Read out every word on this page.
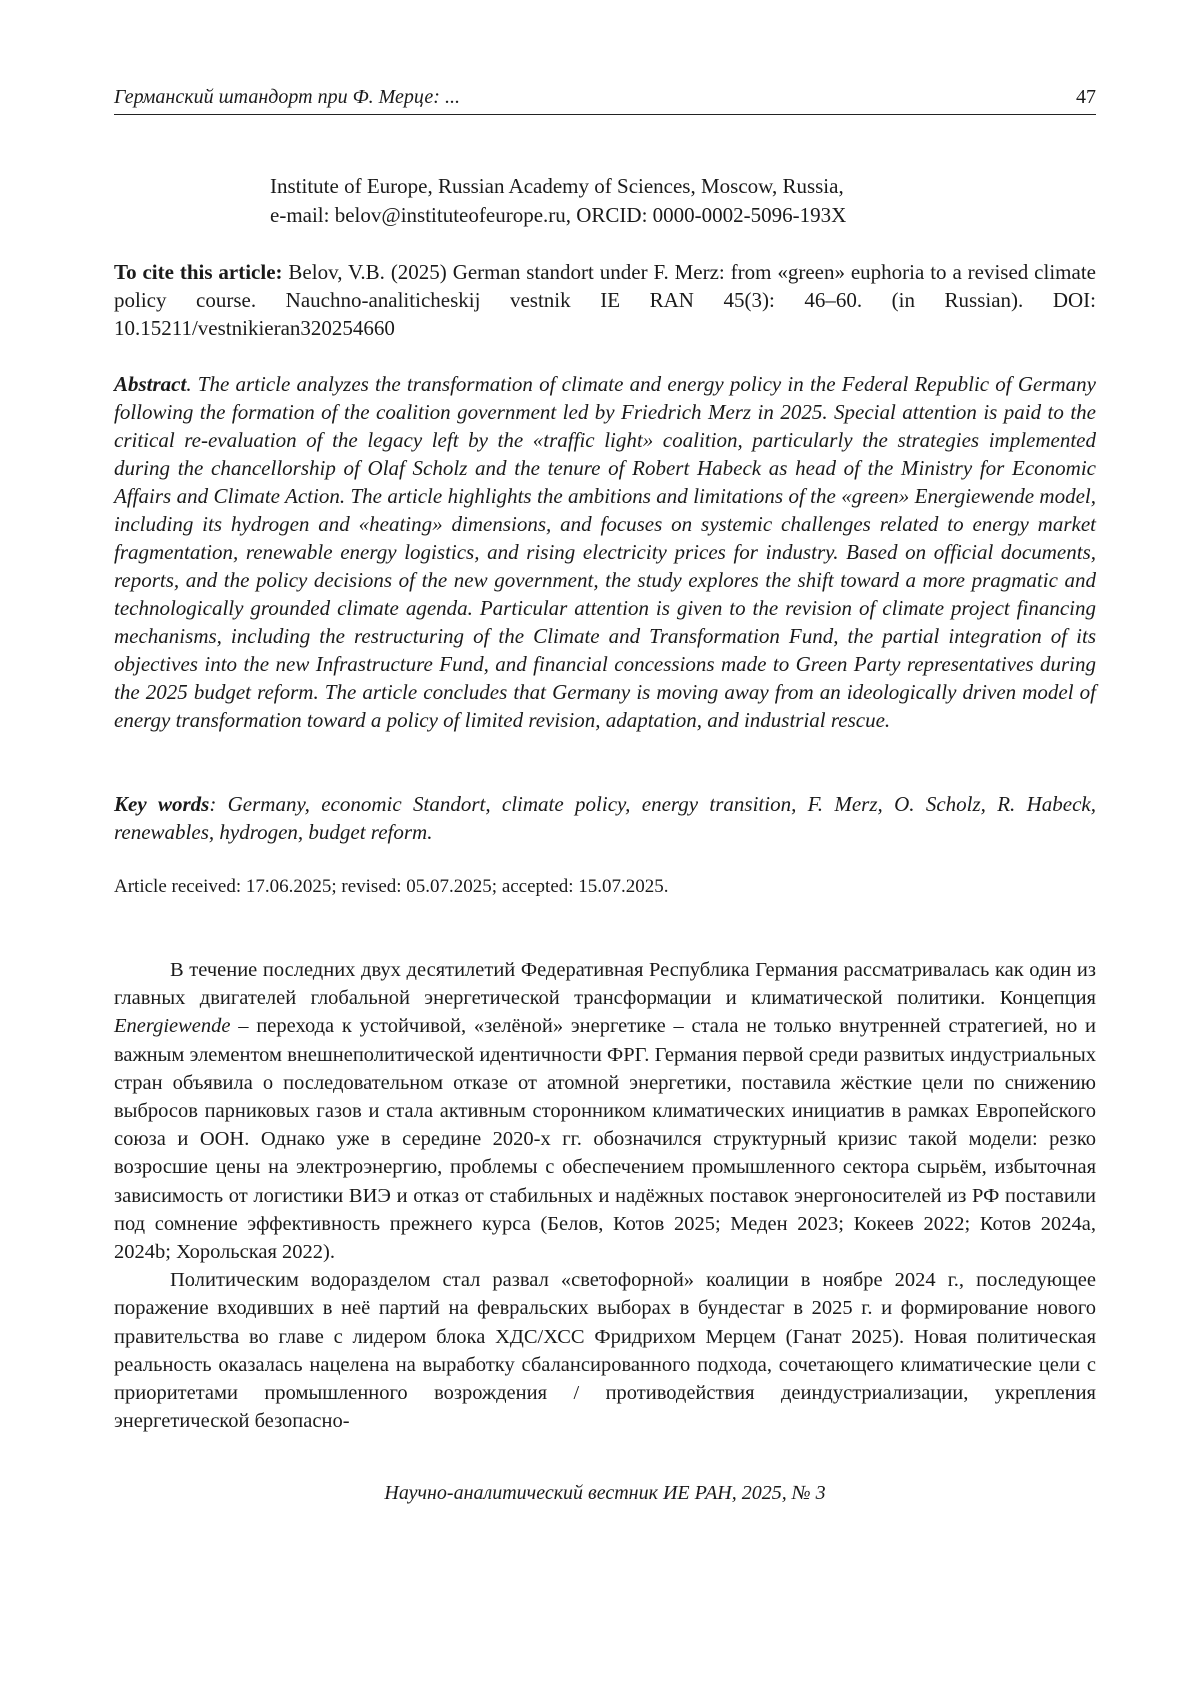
Германский штандорт при Ф. Мерце: ...	47
Institute of Europe, Russian Academy of Sciences, Moscow, Russia,
e-mail: belov@instituteofeurope.ru, ORCID: 0000-0002-5096-193X
To cite this article: Belov, V.B. (2025) German standort under F. Merz: from «green» euphoria to a revised climate policy course. Nauchno-analiticheskij vestnik IE RAN 45(3): 46–60. (in Russian). DOI: 10.15211/vestnikieran320254660
Abstract. The article analyzes the transformation of climate and energy policy in the Federal Republic of Germany following the formation of the coalition government led by Friedrich Merz in 2025. Special attention is paid to the critical re-evaluation of the legacy left by the «traffic light» coalition, particularly the strategies implemented during the chancellorship of Olaf Scholz and the tenure of Robert Habeck as head of the Ministry for Economic Affairs and Climate Action. The article highlights the ambitions and limitations of the «green» Energiewende model, including its hydrogen and «heating» dimensions, and focuses on systemic challenges related to energy market fragmentation, renewable energy logistics, and rising electricity prices for industry. Based on official documents, reports, and the policy decisions of the new government, the study explores the shift toward a more pragmatic and technologically grounded climate agenda. Particular attention is given to the revision of climate project financing mechanisms, including the restructuring of the Climate and Transformation Fund, the partial integration of its objectives into the new Infrastructure Fund, and financial concessions made to Green Party representatives during the 2025 budget reform. The article concludes that Germany is moving away from an ideologically driven model of energy transformation toward a policy of limited revision, adaptation, and industrial rescue.
Key words: Germany, economic Standort, climate policy, energy transition, F. Merz, O. Scholz, R. Habeck, renewables, hydrogen, budget reform.
Article received: 17.06.2025; revised: 05.07.2025; accepted: 15.07.2025.

В течение последних двух десятилетий Федеративная Республика Германия рассматривалась как один из главных двигателей глобальной энергетической трансформации и климатической политики. Концепция Energiewende – перехода к устойчивой, «зелёной» энергетике – стала не только внутренней стратегией, но и важным элементом внешнеполитической идентичности ФРГ. Германия первой среди развитых индустриальных стран объявила о последовательном отказе от атомной энергетики, поставила жёсткие цели по снижению выбросов парниковых газов и стала активным сторонником климатических инициатив в рамках Европейского союза и ООН. Однако уже в середине 2020-х гг. обозначился структурный кризис такой модели: резко возросшие цены на электроэнергию, проблемы с обеспечением промышленного сектора сырьём, избыточная зависимость от логистики ВИЭ и отказ от стабильных и надёжных поставок энергоносителей из РФ поставили под сомнение эффективность прежнего курса (Белов, Котов 2025; Меден 2023; Кокеев 2022; Котов 2024a, 2024b; Хорольская 2022).

Политическим водоразделом стал развал «светофорной» коалиции в ноябре 2024 г., последующее поражение входивших в неё партий на февральских выборах в бундестаг в 2025 г. и формирование нового правительства во главе с лидером блока ХДС/ХСС Фридрихом Мерцем (Ганат 2025). Новая политическая реальность оказалась нацелена на выработку сбалансированного подхода, сочетающего климатические цели с приоритетами промышленного возрождения / противодействия деиндустриализации, укрепления энергетической безопасно-

Научно-аналитический вестник ИЕ РАН, 2025, № 3
